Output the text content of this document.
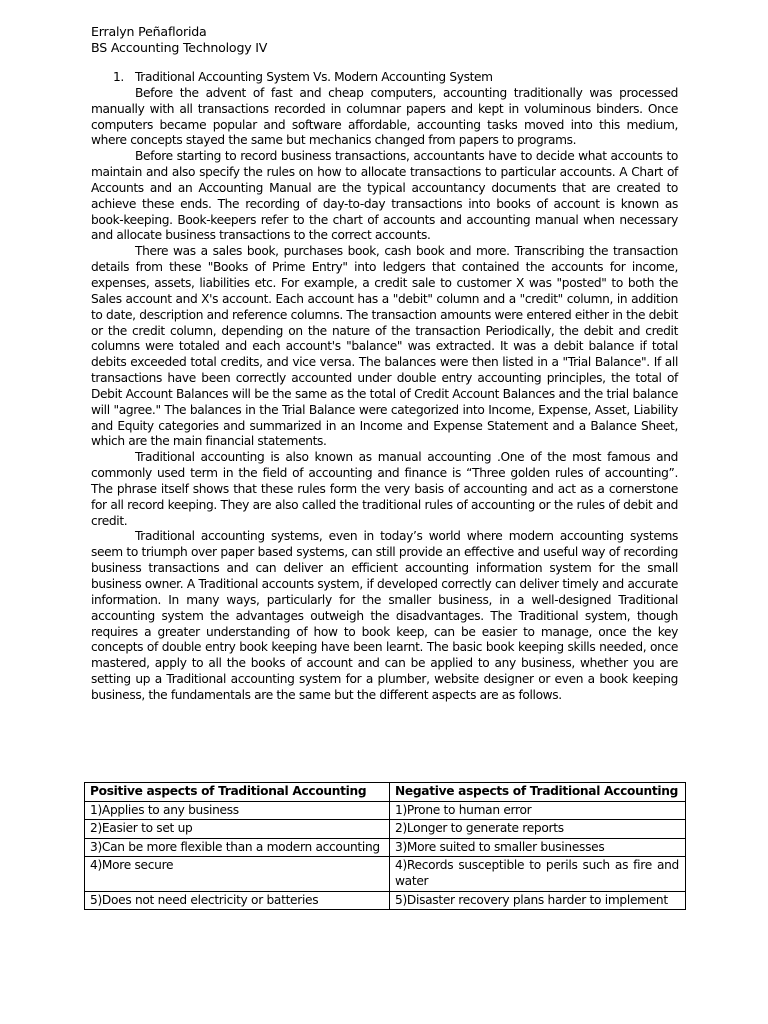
Erralyn Peñaflorida

BS Accounting Technology IV

1. Traditional Accounting System Vs. Modern Accounting System

Before the advent of fast and cheap computers, accounting traditionally was processed manually with all transactions recorded in columnar papers and kept in voluminous binders. Once computers became popular and software affordable, accounting tasks moved into this medium, where concepts stayed the same but mechanics changed from papers to programs.

Before starting to record business transactions, accountants have to decide what accounts to maintain and also specify the rules on how to allocate transactions to particular accounts. A Chart of Accounts and an Accounting Manual are the typical accountancy documents that are created to achieve these ends. The recording of day-to-day transactions into books of account is known as book-keeping. Book-keepers refer to the chart of accounts and accounting manual when necessary and allocate business transactions to the correct accounts.

There was a sales book, purchases book, cash book and more. Transcribing the transaction details from these "Books of Prime Entry" into ledgers that contained the accounts for income, expenses, assets, liabilities etc. For example, a credit sale to customer X was "posted" to both the Sales account and X's account. Each account has a "debit" column and a "credit" column, in addition to date, description and reference columns. The transaction amounts were entered either in the debit or the credit column, depending on the nature of the transaction Periodically, the debit and credit columns were totaled and each account's "balance" was extracted. It was a debit balance if total debits exceeded total credits, and vice versa. The balances were then listed in a "Trial Balance". If all transactions have been correctly accounted under double entry accounting principles, the total of Debit Account Balances will be the same as the total of Credit Account Balances and the trial balance will "agree." The balances in the Trial Balance were categorized into Income, Expense, Asset, Liability and Equity categories and summarized in an Income and Expense Statement and a Balance Sheet, which are the main financial statements.

Traditional accounting is also known as manual accounting .One of the most famous and commonly used term in the field of accounting and finance is “Three golden rules of accounting”. The phrase itself shows that these rules form the very basis of accounting and act as a cornerstone for all record keeping. They are also called the traditional rules of accounting or the rules of debit and credit.

Traditional accounting systems, even in today’s world where modern accounting systems seem to triumph over paper based systems, can still provide an effective and useful way of recording business transactions and can deliver an efficient accounting information system for the small business owner. A Traditional accounts system, if developed correctly can deliver timely and accurate information. In many ways, particularly for the smaller business, in a well-designed Traditional accounting system the advantages outweigh the disadvantages. The Traditional system, though requires a greater understanding of how to book keep, can be easier to manage, once the key concepts of double entry book keeping have been learnt. The basic book keeping skills needed, once mastered, apply to all the books of account and can be applied to any business, whether you are setting up a Traditional accounting system for a plumber, website designer or even a book keeping business, the fundamentals are the same but the different aspects are as follows.

Positive aspects of Traditional Accounting	Negative aspects of Traditional Accounting
1)Applies to any business	1)Prone to human error
2)Easier to set up	2)Longer to generate reports
3)Can be more flexible than a modern accounting	3)More suited to smaller businesses
4)More secure	4)Records susceptible to perils such as fire and water
5)Does not need electricity or batteries	5)Disaster recovery plans harder to implement
